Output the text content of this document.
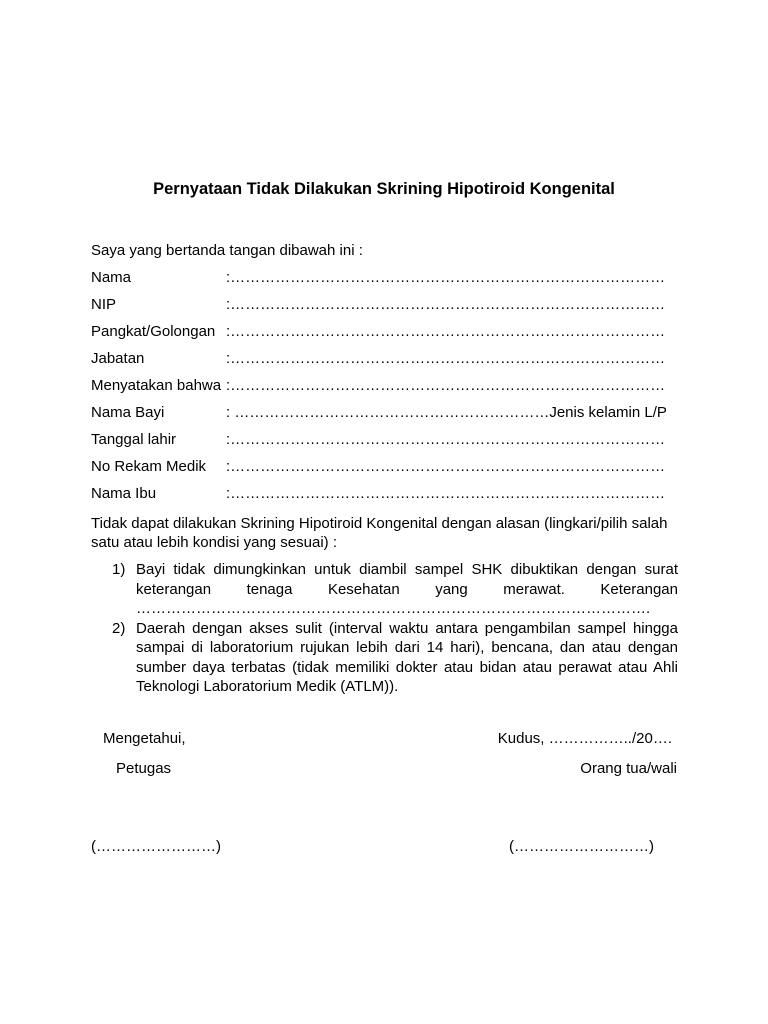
Pernyataan Tidak Dilakukan Skrining Hipotiroid Kongenital
Saya yang bertanda tangan dibawah ini :
Nama	:……………………………………………………………………………
NIP	:……………………………………………………………………………
Pangkat/Golongan :……………………………………………………………………………
Jabatan	:……………………………………………………………………………
Menyatakan bahwa :……………………………………………………………………………
Nama Bayi	: ………………………………………………………Jenis kelamin L/P
Tanggal lahir	:……………………………………………………………………………
No Rekam Medik	:……………………………………………………………………………
Nama Ibu	:……………………………………………………………………………
Tidak dapat dilakukan Skrining Hipotiroid Kongenital dengan alasan (lingkari/pilih salah satu atau lebih kondisi yang sesuai) :
1) Bayi tidak dimungkinkan untuk diambil sampel SHK dibuktikan dengan surat keterangan tenaga Kesehatan yang merawat. Keterangan ………………………………………………………………………………………….
2) Daerah dengan akses sulit (interval waktu antara pengambilan sampel hingga sampai di laboratorium rujukan lebih dari 14 hari), bencana, dan atau dengan sumber daya terbatas (tidak memiliki dokter atau bidan atau perawat atau Ahli Teknologi Laboratorium Medik (ATLM)).
Mengetahui,
Petugas
Kudus, ……………../20….
Orang tua/wali
(……………………)	(………………………)
